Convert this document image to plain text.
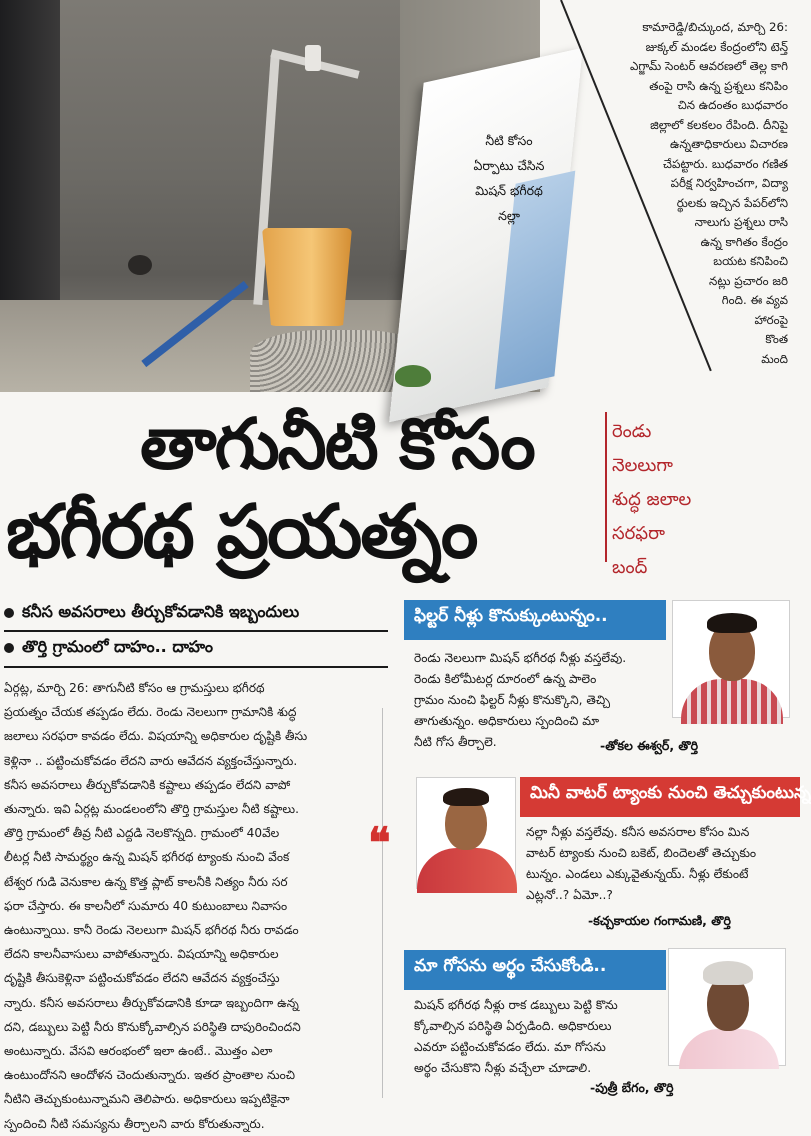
నీటి కోసం
ఏర్పాటు చేసిన
మిషన్ భగీరథ
నల్లా
కామారెడ్డి/బిచ్కుంద, మార్చి 26:
జుక్కల్ మండల కేంద్రంలోని టెన్త్
ఎగ్జామ్ సెంటర్ ఆవరణలో తెల్ల కాగి
తంపై రాసి ఉన్న ప్రశ్నలు కనిపిం
చిన ఉదంతం బుధవారం
జిల్లాలో కలకలం రేపింది. దీనిపై
ఉన్నతాధికారులు విచారణ
చేపట్టారు. బుధవారం గణిత
పరీక్ష నిర్వహించగా, విద్యా
ర్థులకు ఇచ్చిన పేపర్‌లోని
నాలుగు ప్రశ్నలు రాసి
ఉన్న కాగితం కేంద్రం
బయట కనిపించి
నట్లు ప్రచారం జరి
గింది. ఈ వ్యవ
హారంపై
కొంత
మంది
తాగునీటి కోసం
భగీరథ ప్రయత్నం
రెండు
నెలలుగా
శుద్ధ జలాల
సరఫరా
బంద్
కనీస అవసరాలు తీర్చుకోవడానికి ఇబ్బందులు
తొర్తి గ్రామంలో దాహం.. దాహం
ఏర్గట్ల, మార్చి 26: తాగునీటి కోసం ఆ గ్రామస్తులు భగీరథ
ప్రయత్నం చేయక తప్పడం లేదు. రెండు నెలలుగా గ్రామానికి శుద్ధ
జలాలు సరఫరా కావడం లేదు. విషయాన్ని అధికారుల దృష్టికి తీసు
కెళ్లినా .. పట్టించుకోవడం లేదని వారు ఆవేదన వ్యక్తంచేస్తున్నారు.
కనీస అవసరాలు తీర్చుకోవడానికి కష్టాలు తప్పడం లేదని వాపో
తున్నారు. ఇవి ఏర్గట్ల మండలంలోని తొర్తి గ్రామస్తుల నీటి కష్టాలు.
తొర్తి గ్రామంలో తీవ్ర నీటి ఎద్దడి నెలకొన్నది. గ్రామంలో 40వేల
లీటర్ల నీటి సామర్థ్యం ఉన్న మిషన్ భగీరథ ట్యాంకు నుంచి వేంక
టేశ్వర గుడి వెనుకాల ఉన్న కొత్త ప్లాట్ కాలనీకి నిత్యం నీరు సర
ఫరా చేస్తారు. ఈ కాలనీలో సుమారు 40 కుటుంబాలు నివాసం
ఉంటున్నాయి. కానీ రెండు నెలలుగా మిషన్ భగీరథ నీరు రావడం
లేదని కాలనీవాసులు వాపోతున్నారు. విషయాన్ని అధికారుల
దృష్టికి తీసుకెళ్లినా పట్టించుకోవడం లేదని ఆవేదన వ్యక్తంచేస్తు
న్నారు. కనీస అవసరాలు తీర్చుకోవడానికి కూడా ఇబ్బందిగా ఉన్న
దని, డబ్బులు పెట్టి నీరు కొనుక్కోవాల్సిన పరిస్థితి దాపురించిందని
అంటున్నారు. వేసవి ఆరంభంలో ఇలా ఉంటే.. మొత్తం ఎలా
ఉంటుందోనని ఆందోళన చెందుతున్నారు. ఇతర ప్రాంతాల నుంచి
నీటిని తెచ్చుకుంటున్నామని తెలిపారు. అధికారులు ఇప్పటికైనా
స్పందించి నీటి సమస్యను తీర్చాలని వారు కోరుతున్నారు.
❝
ఫిల్టర్ నీళ్లు కొనుక్కుంటున్నం..
రెండు నెలలుగా మిషన్ భగీరథ నీళ్లు వస్తలేవు.
రెండు కిలోమీటర్ల దూరంలో ఉన్న పాలెం
గ్రామం నుంచి ఫిల్టర్ నీళ్లు కొనుక్కొని, తెచ్చి
తాగుతున్నం. అధికారులు స్పందించి మా
నీటి గోస తీర్చాలె.	-తోకల ఈశ్వర్, తొర్తి
మినీ వాటర్ ట్యాంకు నుంచి తెచ్చుకుంటున్న
నల్లా నీళ్లు వస్తలేవు. కనీస అవసరాల కోసం మిన
వాటర్ ట్యాంకు నుంచి బకెట్, బిందెలతో తెచ్చుకుం
టున్నం. ఎండలు ఎక్కువైతున్నయ్. నీళ్లు లేకుంటే
ఎట్లనో..? ఏమో..?
-కచ్చకాయల గంగామణి, తొర్తి
మా గోసను అర్థం చేసుకోండి..
మిషన్ భగీరథ నీళ్లు రాక డబ్బులు పెట్టి కొను
క్కోవాల్సిన పరిస్థితి ఏర్పడింది. అధికారులు
ఎవరూ పట్టించుకోవడం లేదు. మా గోసను
అర్థం చేసుకొని నీళ్లు వచ్చేలా చూడాలి.
-పుత్రీ బేగం, తొర్తి
